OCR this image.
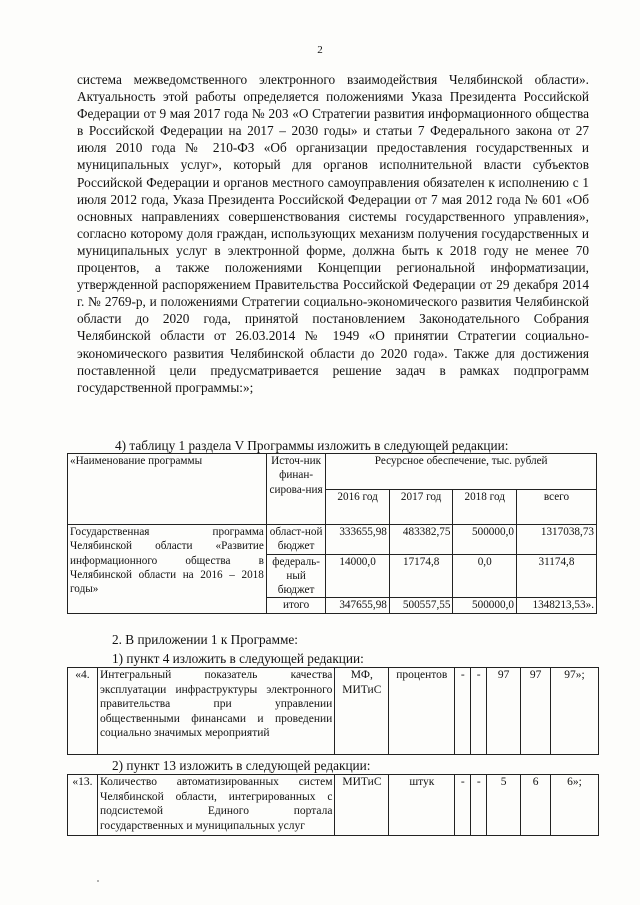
2

система межведомственного электронного взаимодействия Челябинской области». Актуальность этой работы определяется положениями Указа Президента Российской Федерации от 9 мая 2017 года № 203 «О Стратегии развития информационного общества в Российской Федерации на 2017 – 2030 годы» и статьи 7 Федерального закона от 27 июля 2010 года № 210-ФЗ «Об организации предоставления государственных и муниципальных услуг», который для органов исполнительной власти субъектов Российской Федерации и органов местного самоуправления обязателен к исполнению с 1 июля 2012 года, Указа Президента Российской Федерации от 7 мая 2012 года № 601 «Об основных направлениях совершенствования системы государственного управления», согласно которому доля граждан, использующих механизм получения государственных и муниципальных услуг в электронной форме, должна быть к 2018 году не менее 70 процентов, а также положениями Концепции региональной информатизации, утвержденной распоряжением Правительства Российской Федерации от 29 декабря 2014 г. № 2769-р, и положениями Стратегии социально-экономического развития Челябинской области до 2020 года, принятой постановлением Законодательного Собрания Челябинской области от 26.03.2014 № 1949 «О принятии Стратегии социально-экономического развития Челябинской области до 2020 года». Также для достижения поставленной цели предусматривается решение задач в рамках подпрограмм государственной программы:»;

4) таблицу 1 раздела V Программы изложить в следующей редакции:
«Наименование программы	Источ-ник финан-сирова-ния	Ресурсное обеспечение, тыс. рублей			
		2016 год	2017 год	2018 год	всего
Государственная программа Челябинской области «Развитие информационного общества в Челябинской области на 2016 – 2018 годы»	област-ной бюджет	333655,98	483382,75	500000,0	1317038,73
	федераль-ный бюджет	14000,0	17174,8	0,0	31174,8
	итого	347655,98	500557,55	500000,0	1348213,53».
2. В приложении 1 к Программе:
1) пункт 4 изложить в следующей редакции:
«4.	Интегральный показатель качества эксплуатации инфраструктуры электронного правительства при управлении общественными финансами и проведении социально значимых мероприятий	МФ, МИТиС	процентов	-	-	97	97	97»;
2) пункт 13 изложить в следующей редакции:
«13.	Количество автоматизированных систем Челябинской области, интегрированных с подсистемой Единого портала государственных и муниципальных услуг	МИТиС	штук	-	-	5	6	6»;
